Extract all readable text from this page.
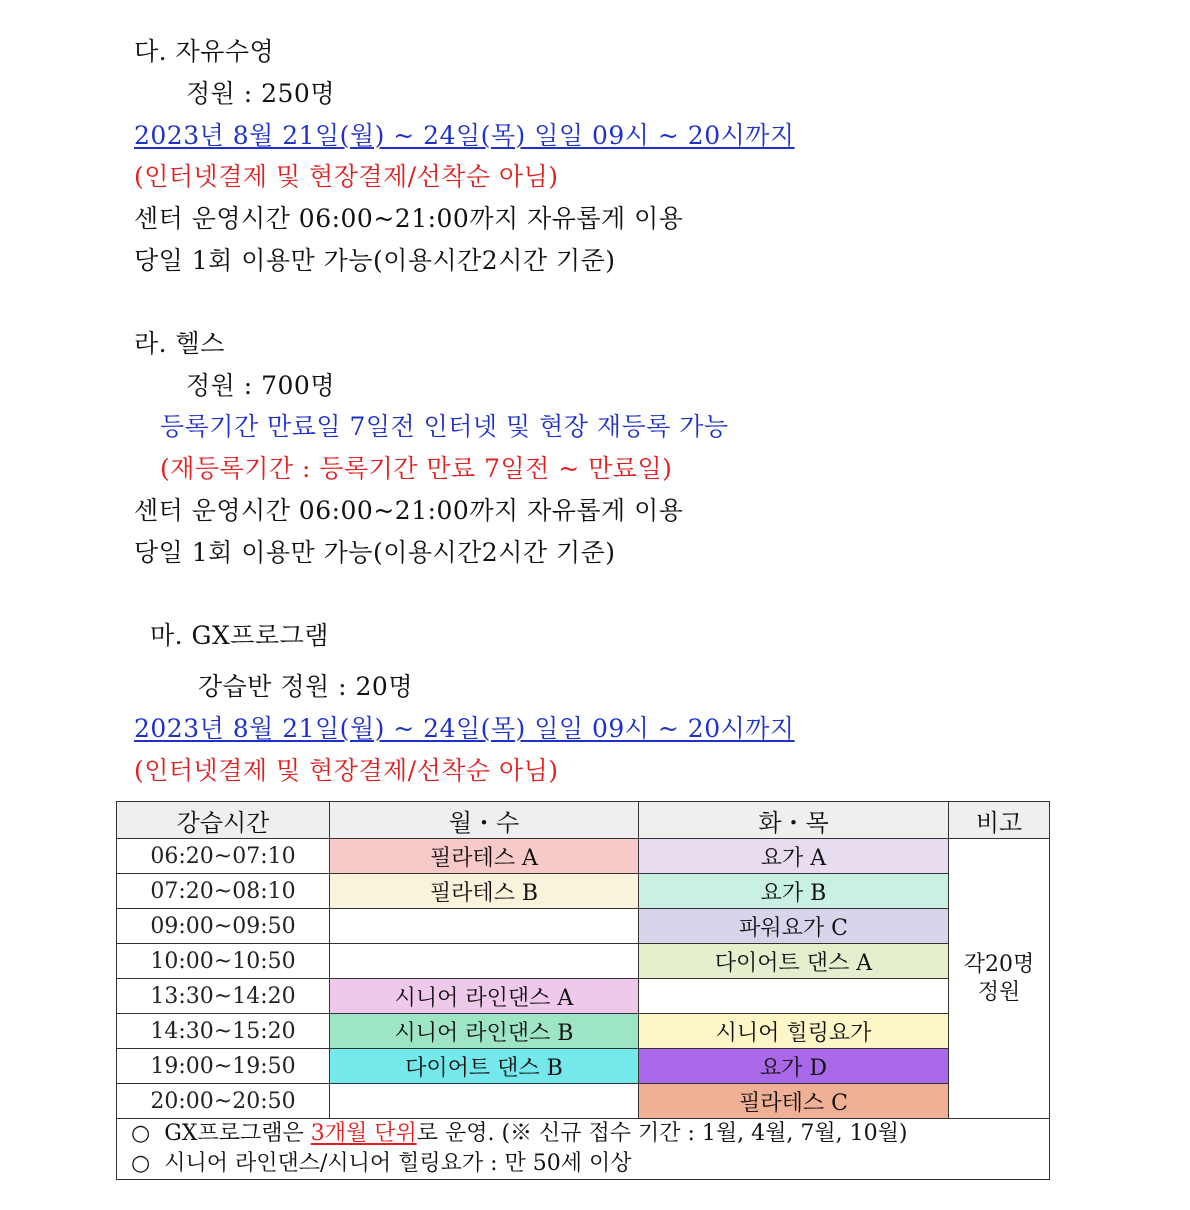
다. 자유수영
정원 : 250명
2023년 8월 21일(월) ~ 24일(목) 일일 09시 ~ 20시까지
(인터넷결제 및 현장결제/선착순 아님)
센터 운영시간 06:00~21:00까지 자유롭게 이용
당일 1회 이용만 가능(이용시간2시간 기준)
라. 헬스
정원 : 700명
등록기간 만료일 7일전 인터넷 및 현장 재등록 가능
(재등록기간 : 등록기간 만료 7일전 ~ 만료일)
센터 운영시간 06:00~21:00까지 자유롭게 이용
당일 1회 이용만 가능(이용시간2시간 기준)
마. GX프로그램
강습반 정원 : 20명
2023년 8월 21일(월) ~ 24일(목) 일일 09시 ~ 20시까지
(인터넷결제 및 현장결제/선착순 아님)
강습시간	월・수	화・목	비고
06:20~07:10	필라테스 A	요가 A	각20명
정원

07:20~08:10	필라테스 B	요가 B	
09:00~09:50		파워요가 C	
10:00~10:50		다이어트 댄스 A	
13:30~14:20	시니어 라인댄스 A		
14:30~15:20	시니어 라인댄스 B	시니어 힐링요가	
19:00~19:50	다이어트 댄스 B	요가 D	
20:00~20:50		필라테스 C	

○ GX프로그램은 3개월 단위로 운영. (※ 신규 접수 기간 : 1월, 4월, 7월, 10월)
○ 시니어 라인댄스/시니어 힐링요가 : 만 50세 이상			
